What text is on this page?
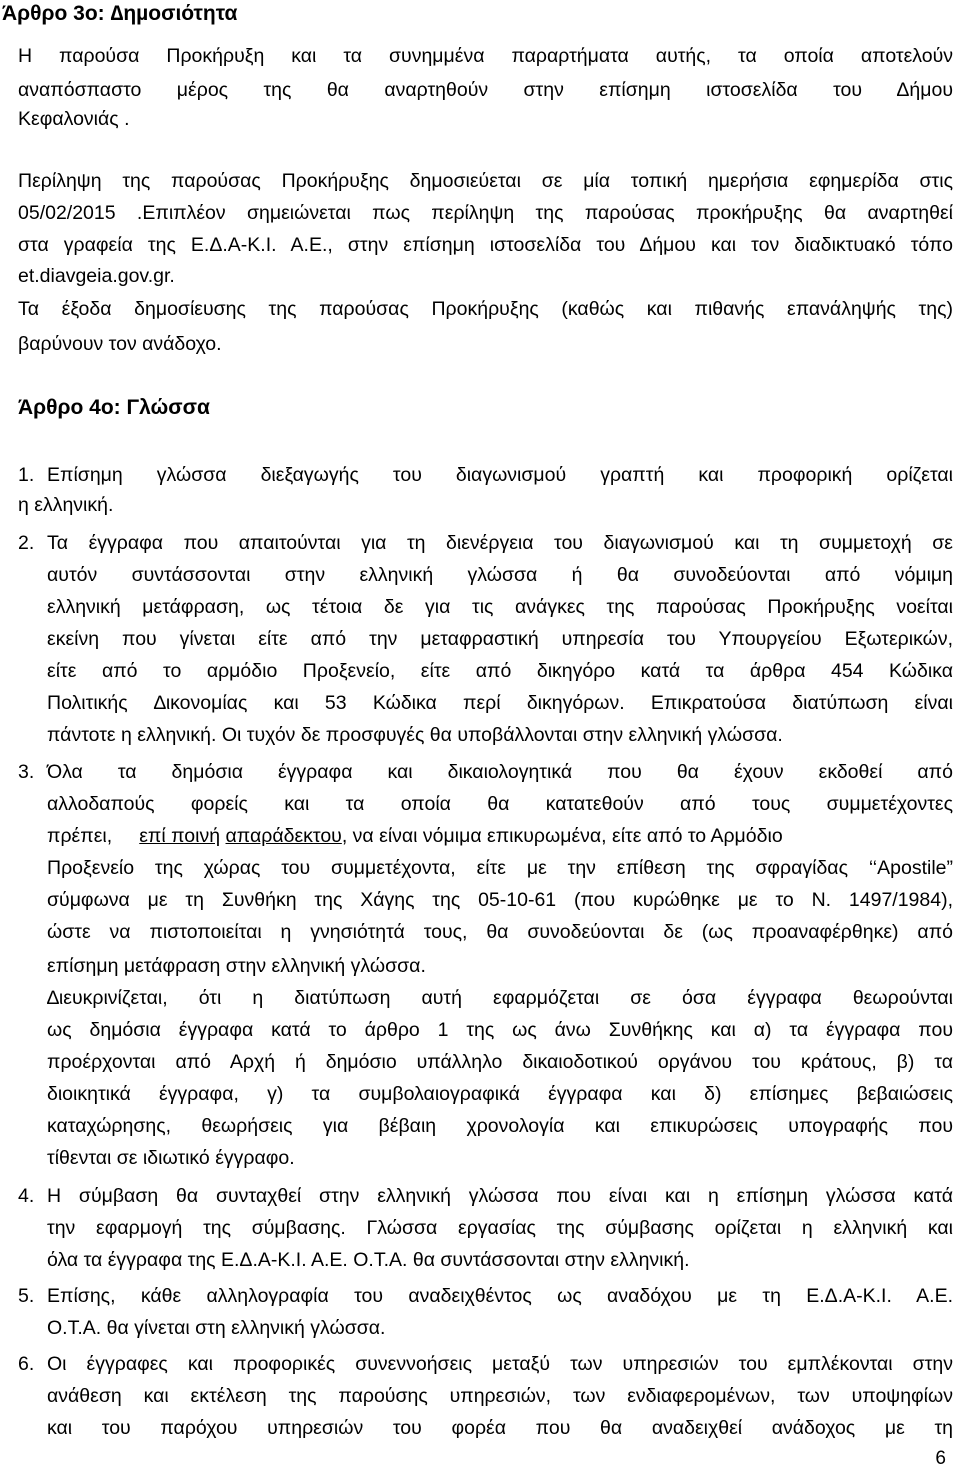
Άρθρο 3ο: ∆ηµοσιότητα
Η παρούσα Προκήρυξη και τα συνημμένα παραρτήματα αυτής, τα οποία αποτελούν
αναπόσπαστο μέρος της θα αναρτηθούν στην επίσημη ιστοσελίδα του Δήμου
Κεφαλονιάς .
Περίληψη της παρούσας Προκήρυξης δημοσιεύεται σε μία τοπική ημερήσια εφημερίδα στις
05/02/2015 .Επιπλέον σημειώνεται πως περίληψη της παρούσας προκήρυξης θα αναρτηθεί
στα γραφεία της Ε.Δ.Α-Κ.Ι. Α.Ε., στην επίσημη ιστοσελίδα του Δήμου και τον διαδικτυακό τόπο
et.diavgeia.gov.gr.
Τα έξοδα δημοσίευσης της παρούσας Προκήρυξης (καθώς και πιθανής επανάληψής της)
βαρύνουν τον ανάδοχο.
Άρθρο 4ο: Γλώσσα
1. Επίσημη γλώσσα διεξαγωγής του διαγωνισμού γραπτή και προφορική ορίζεται
η ελληνική.
2. Τα έγγραφα που απαιτούνται για τη διενέργεια του διαγωνισμού και τη συμμετοχή σε
αυτόν συντάσσονται στην ελληνική γλώσσα ή θα συνοδεύονται από νόμιμη
ελληνική μετάφραση, ως τέτοια δε για τις ανάγκες της παρούσας Προκήρυξης νοείται
εκείνη που γίνεται είτε από την μεταφραστική υπηρεσία του Υπουργείου Εξωτερικών,
είτε από το αρμόδιο Προξενείο, είτε από δικηγόρο κατά τα άρθρα 454 Κώδικα
Πολιτικής ∆ικονομίας και 53 Κώδικα περί δικηγόρων. Επικρατούσα διατύπωση είναι
πάντοτε η ελληνική. Οι τυχόν δε προσφυγές θα υποβάλλονται στην ελληνική γλώσσα.
3. Όλα τα δημόσια έγγραφα και δικαιολογητικά που θα έχουν εκδοθεί από
αλλοδαπούς φορείς και τα οποία θα κατατεθούν από τους συμμετέχοντες
πρέπει, επί ποινή απαράδεκτου, να είναι νόμιμα επικυρωμένα, είτε από το Αρμόδιο
Προξενείο της χώρας του συμμετέχοντα, είτε με την επίθεση της σφραγίδας ‘‘Apostile”
σύμφωνα με τη Συνθήκη της Χάγης της 05-10-61 (που κυρώθηκε με το Ν. 1497/1984),
ώστε να πιστοποιείται η γνησιότητά τους, θα συνοδεύονται δε (ως προαναφέρθηκε) από
επίσημη μετάφραση στην ελληνική γλώσσα.
∆ιευκρινίζεται, ότι η διατύπωση αυτή εφαρμόζεται σε όσα έγγραφα θεωρούνται
ως δημόσια έγγραφα κατά το άρθρο 1 της ως άνω Συνθήκης και α) τα έγγραφα που
προέρχονται από Αρχή ή δημόσιο υπάλληλο δικαιοδοτικού οργάνου του κράτους, β) τα
διοικητικά έγγραφα, γ) τα συμβολαιογραφικά έγγραφα και δ) επίσημες βεβαιώσεις
καταχώρησης, θεωρήσεις για βέβαιη χρονολογία και επικυρώσεις υπογραφής που
τίθενται σε ιδιωτικό έγγραφο.
4. Η σύμβαση θα συνταχθεί στην ελληνική γλώσσα που είναι και η επίσημη γλώσσα κατά
την εφαρμογή της σύμβασης. Γλώσσα εργασίας της σύμβασης ορίζεται η ελληνική και
όλα τα έγγραφα της Ε.Δ.Α-Κ.Ι. Α.Ε. Ο.Τ.Α. θα συντάσσονται στην ελληνική.
5. Επίσης, κάθε αλληλογραφία του αναδειχθέντος ως αναδόχου με τη Ε.Δ.Α-Κ.Ι. Α.Ε.
Ο.Τ.Α. θα γίνεται στη ελληνική γλώσσα.
6. Οι έγγραφες και προφορικές συνεννοήσεις μεταξύ των υπηρεσιών του εμπλέκονται στην
ανάθεση και εκτέλεση της παρούσης υπηρεσιών, των ενδιαφερομένων, των υποψηφίων
και του παρόχου υπηρεσιών του φορέα που θα αναδειχθεί ανάδοχος με τη
6
